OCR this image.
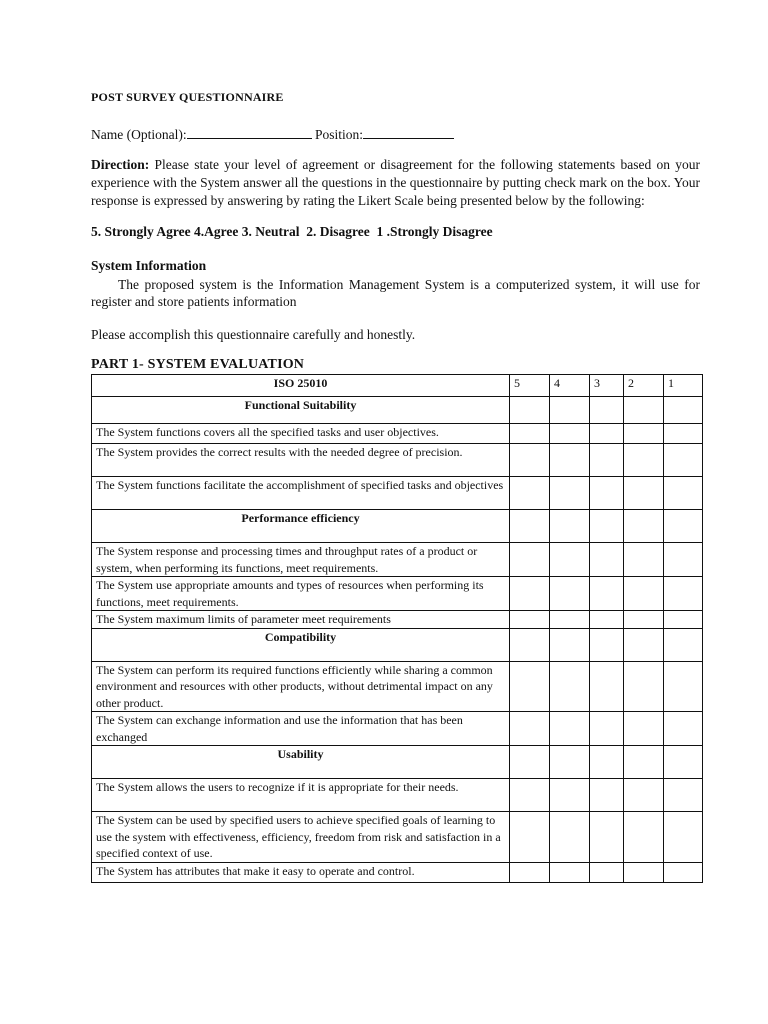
POST SURVEY QUESTIONNAIRE
Name (Optional):	Position:
Direction: Please state your level of agreement or disagreement for the following statements based on your experience with the System answer all the questions in the questionnaire by putting check mark on the box. Your response is expressed by answering by rating the Likert Scale being presented below by the following:
5. Strongly Agree 4.Agree 3. Neutral  2. Disagree  1 .Strongly Disagree
System Information
The proposed system is the Information Management System is a computerized system, it will use for register and store patients information
Please accomplish this questionnaire carefully and honestly.
PART 1- SYSTEM EVALUATION
ISO 25010	5	4	3	2	1
Functional Suitability					
The System functions covers all the specified tasks and user objectives.					
The System provides the correct results with the needed degree of precision.					
The System functions facilitate the accomplishment of specified tasks and objectives					
Performance efficiency					
The System response and processing times and throughput rates of a product or system, when performing its functions, meet requirements.					
The System use appropriate amounts and types of resources when performing its functions, meet requirements.					
The System maximum limits of parameter meet requirements					
Compatibility					
The System can perform its required functions efficiently while sharing a common environment and resources with other products, without detrimental impact on any other product.					
The System can exchange information and use the information that has been exchanged					
Usability					
The System allows the users to recognize if it is appropriate for their needs.					
The System can be used by specified users to achieve specified goals of learning to use the system with effectiveness, efficiency, freedom from risk and satisfaction in a specified context of use.					
The System has attributes that make it easy to operate and control.					
